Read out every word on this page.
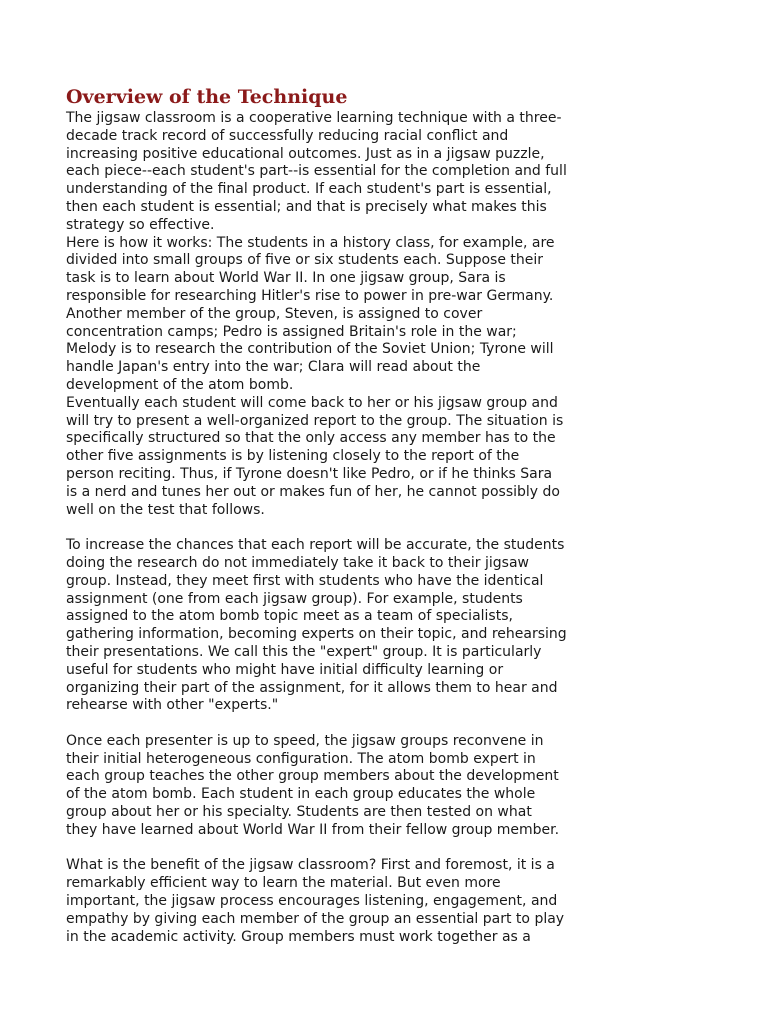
Overview of the Technique

The jigsaw classroom is a cooperative learning technique with a three-
decade track record of successfully reducing racial conflict and
increasing positive educational outcomes. Just as in a jigsaw puzzle,
each piece--each student's part--is essential for the completion and full
understanding of the final product. If each student's part is essential,
then each student is essential; and that is precisely what makes this
strategy so effective.

Here is how it works: The students in a history class, for example, are
divided into small groups of five or six students each. Suppose their
task is to learn about World War II. In one jigsaw group, Sara is
responsible for researching Hitler's rise to power in pre-war Germany.
Another member of the group, Steven, is assigned to cover
concentration camps; Pedro is assigned Britain's role in the war;
Melody is to research the contribution of the Soviet Union; Tyrone will
handle Japan's entry into the war; Clara will read about the
development of the atom bomb.

Eventually each student will come back to her or his jigsaw group and
will try to present a well-organized report to the group. The situation is
specifically structured so that the only access any member has to the
other five assignments is by listening closely to the report of the
person reciting. Thus, if Tyrone doesn't like Pedro, or if he thinks Sara
is a nerd and tunes her out or makes fun of her, he cannot possibly do
well on the test that follows.

To increase the chances that each report will be accurate, the students
doing the research do not immediately take it back to their jigsaw
group. Instead, they meet first with students who have the identical
assignment (one from each jigsaw group). For example, students
assigned to the atom bomb topic meet as a team of specialists,
gathering information, becoming experts on their topic, and rehearsing
their presentations. We call this the "expert" group. It is particularly
useful for students who might have initial difficulty learning or
organizing their part of the assignment, for it allows them to hear and
rehearse with other "experts."

Once each presenter is up to speed, the jigsaw groups reconvene in
their initial heterogeneous configuration. The atom bomb expert in
each group teaches the other group members about the development
of the atom bomb. Each student in each group educates the whole
group about her or his specialty. Students are then tested on what
they have learned about World War II from their fellow group member.

What is the benefit of the jigsaw classroom? First and foremost, it is a
remarkably efficient way to learn the material. But even more
important, the jigsaw process encourages listening, engagement, and
empathy by giving each member of the group an essential part to play
in the academic activity. Group members must work together as a
